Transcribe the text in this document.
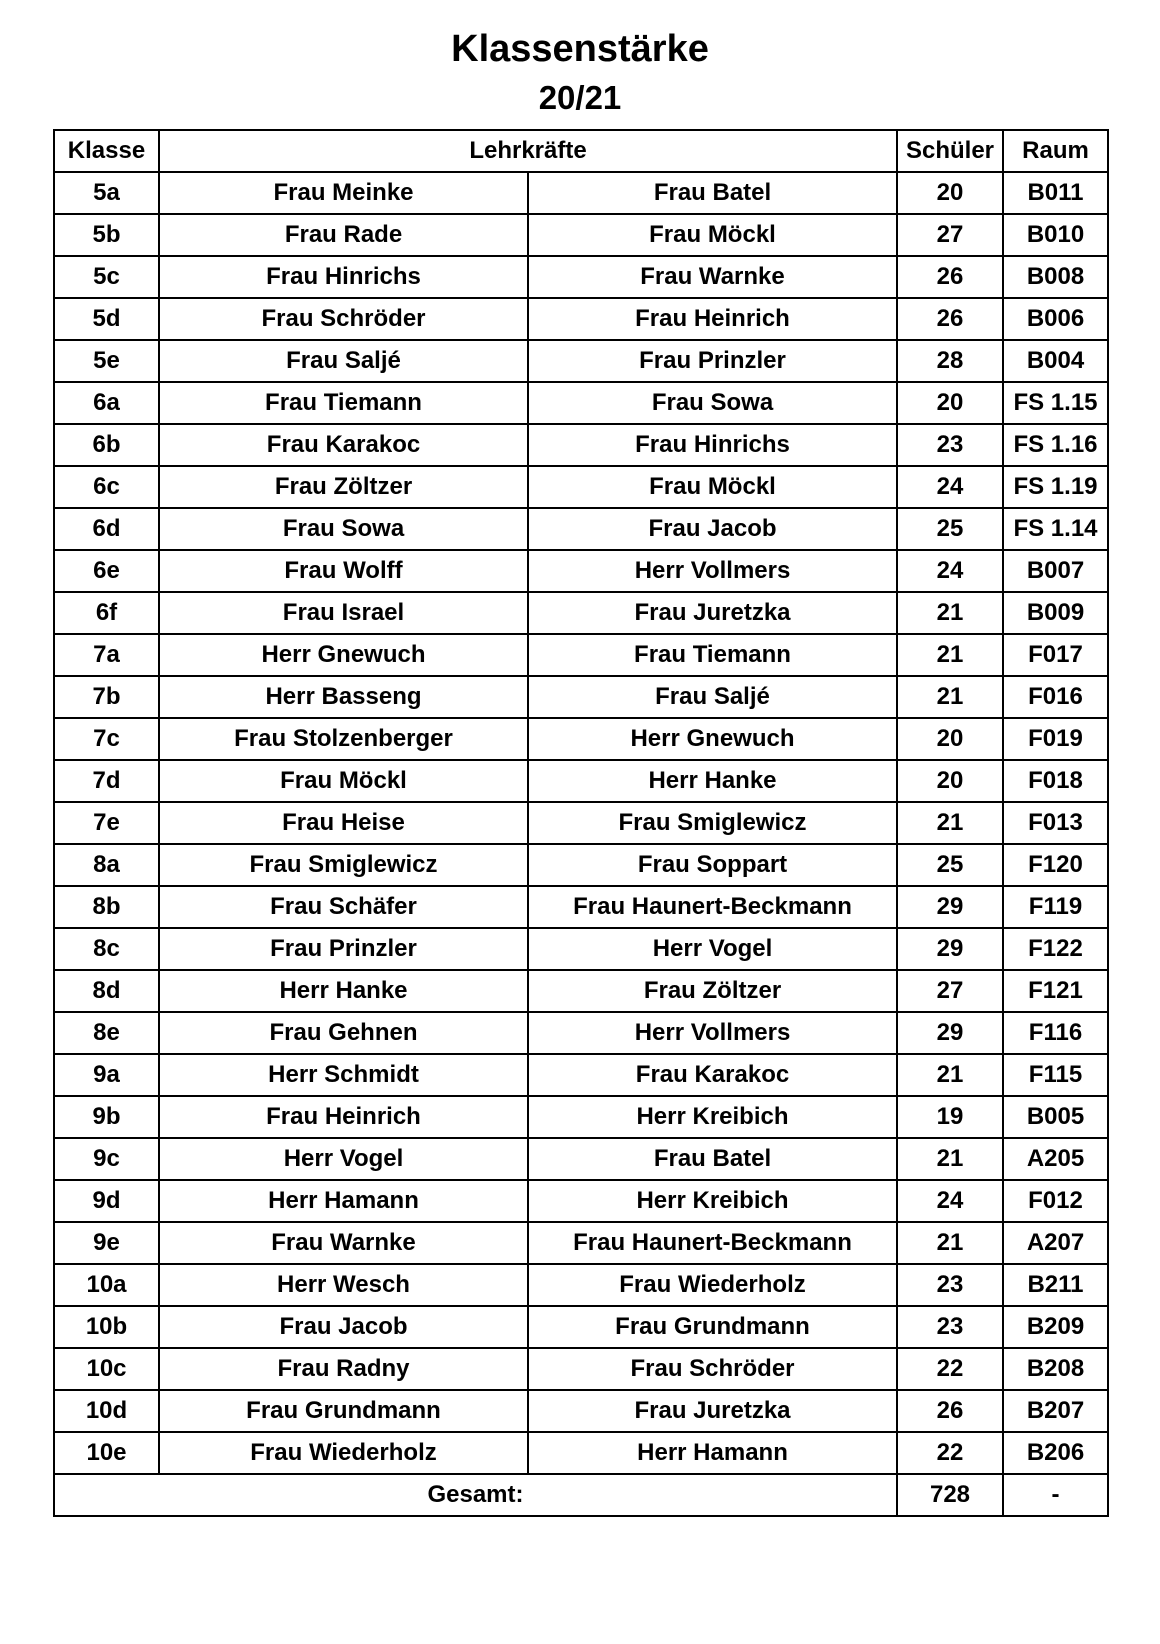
Klassenstärke
20/21
Klasse	Lehrkräfte		Schüler	Raum
5a	Frau Meinke	Frau Batel	20	B011
5b	Frau Rade	Frau Möckl	27	B010
5c	Frau Hinrichs	Frau Warnke	26	B008
5d	Frau Schröder	Frau Heinrich	26	B006
5e	Frau Saljé	Frau Prinzler	28	B004
6a	Frau Tiemann	Frau Sowa	20	FS 1.15
6b	Frau Karakoc	Frau Hinrichs	23	FS 1.16
6c	Frau Zöltzer	Frau Möckl	24	FS 1.19
6d	Frau Sowa	Frau Jacob	25	FS 1.14
6e	Frau Wolff	Herr Vollmers	24	B007
6f	Frau Israel	Frau Juretzka	21	B009
7a	Herr Gnewuch	Frau Tiemann	21	F017
7b	Herr Basseng	Frau Saljé	21	F016
7c	Frau Stolzenberger	Herr Gnewuch	20	F019
7d	Frau Möckl	Herr Hanke	20	F018
7e	Frau Heise	Frau Smiglewicz	21	F013
8a	Frau Smiglewicz	Frau Soppart	25	F120
8b	Frau Schäfer	Frau Haunert-Beckmann	29	F119
8c	Frau Prinzler	Herr Vogel	29	F122
8d	Herr Hanke	Frau Zöltzer	27	F121
8e	Frau Gehnen	Herr Vollmers	29	F116
9a	Herr Schmidt	Frau Karakoc	21	F115
9b	Frau Heinrich	Herr Kreibich	19	B005
9c	Herr Vogel	Frau Batel	21	A205
9d	Herr Hamann	Herr Kreibich	24	F012
9e	Frau Warnke	Frau Haunert-Beckmann	21	A207
10a	Herr Wesch	Frau Wiederholz	23	B211
10b	Frau Jacob	Frau Grundmann	23	B209
10c	Frau Radny	Frau Schröder	22	B208
10d	Frau Grundmann	Frau Juretzka	26	B207
10e	Frau Wiederholz	Herr Hamann	22	B206
Gesamt:			728	-
